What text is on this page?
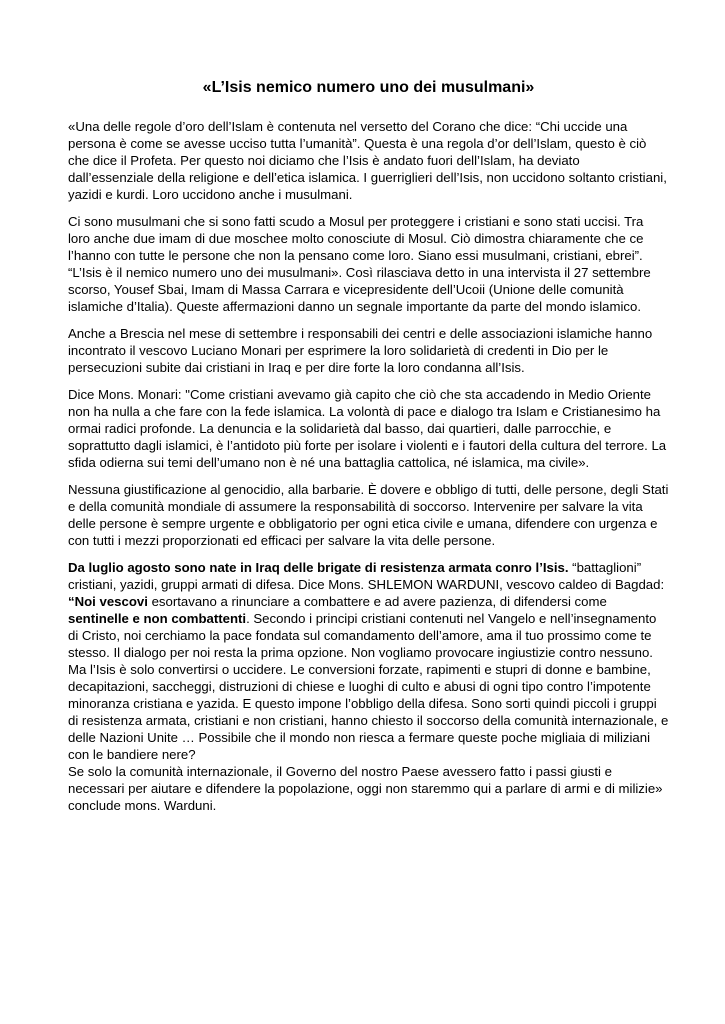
«L’Isis nemico numero uno dei musulmani»

«Una delle regole d’oro dell’Islam è contenuta nel versetto del Corano che dice: “Chi uccide una persona è come se avesse ucciso tutta l’umanità”. Questa è una regola d’or dell’Islam, questo è ciò che dice il Profeta. Per questo noi diciamo che l’Isis è andato fuori dell’Islam, ha deviato dall’essenziale della religione e dell’etica islamica. I guerriglieri dell’Isis, non uccidono soltanto cristiani, yazidi e kurdi. Loro uccidono anche i musulmani.

Ci sono musulmani che si sono fatti scudo a Mosul per proteggere i cristiani e sono stati uccisi. Tra loro anche due imam di due moschee molto conosciute di Mosul. Ciò dimostra chiaramente che ce l’hanno con tutte le persone che non la pensano come loro. Siano essi musulmani, cristiani, ebrei”. “L’Isis è il nemico numero uno dei musulmani». Così rilasciava detto in una intervista il 27 settembre scorso, Yousef Sbai, Imam di Massa Carrara e vicepresidente dell’Ucoii (Unione delle comunità islamiche d’Italia). Queste affermazioni danno un segnale importante da parte del mondo islamico.

Anche a Brescia nel mese di settembre i responsabili dei centri e delle associazioni islamiche hanno incontrato il vescovo Luciano Monari per esprimere la loro solidarietà di credenti in Dio per le persecuzioni subite dai cristiani in Iraq e per dire forte la loro condanna all’Isis.

Dice Mons. Monari: "Come cristiani avevamo già capito che ciò che sta accadendo in Medio Oriente non ha nulla a che fare con la fede islamica. La volontà di pace e dialogo tra Islam e Cristianesimo ha ormai radici profonde. La denuncia e la solidarietà dal basso, dai quartieri, dalle parrocchie, e soprattutto dagli islamici, è l’antidoto più forte per isolare i violenti e i fautori della cultura del terrore. La sfida odierna sui temi dell’umano non è né una battaglia cattolica, né islamica, ma civile».

Nessuna giustificazione al genocidio, alla barbarie. È dovere e obbligo di tutti, delle persone, degli Stati e della comunità mondiale di assumere la responsabilità di soccorso. Intervenire per salvare la vita delle persone è sempre urgente e obbligatorio per ogni etica civile e umana, difendere con urgenza e con tutti i mezzi proporzionati ed efficaci per salvare la vita delle persone.

Da luglio agosto sono nate in Iraq delle brigate di resistenza armata conro l’Isis. “battaglioni” cristiani, yazidi, gruppi armati di difesa. Dice Mons. SHLEMON WARDUNI, vescovo caldeo di Bagdad: “Noi vescovi esortavano a rinunciare a combattere e ad avere pazienza, di difendersi come sentinelle e non combattenti. Secondo i principi cristiani contenuti nel Vangelo e nell’insegnamento di Cristo, noi cerchiamo la pace fondata sul comandamento dell’amore, ama il tuo prossimo come te stesso. Il dialogo per noi resta la prima opzione. Non vogliamo provocare ingiustizie contro nessuno.

Ma l’Isis è solo convertirsi o uccidere. Le conversioni forzate, rapimenti e stupri di donne e bambine, decapitazioni, saccheggi, distruzioni di chiese e luoghi di culto e abusi di ogni tipo contro l’impotente minoranza cristiana e yazida. E questo impone l’obbligo della difesa. Sono sorti quindi piccoli i gruppi di resistenza armata, cristiani e non cristiani, hanno chiesto il soccorso della comunità internazionale, e delle Nazioni Unite … Possibile che il mondo non riesca a fermare queste poche migliaia di miliziani con le bandiere nere?

Se solo la comunità internazionale, il Governo del nostro Paese avessero fatto i passi giusti e necessari per aiutare e difendere la popolazione, oggi non staremmo qui a parlare di armi e di milizie» conclude mons. Warduni.
